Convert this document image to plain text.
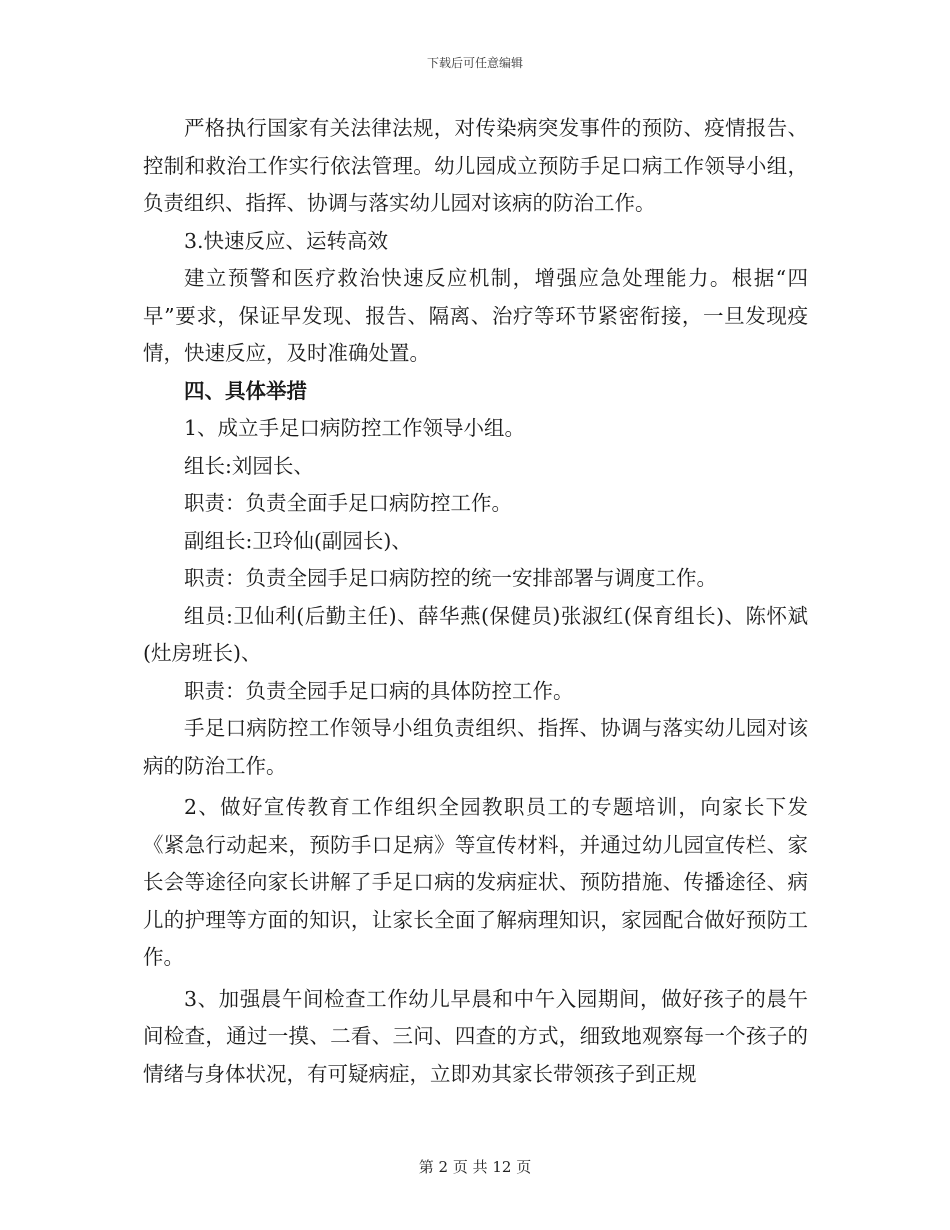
下载后可任意编辑

严格执行国家有关法律法规，对传染病突发事件的预防、疫情报告、控制和救治工作实行依法管理。幼儿园成立预防手足口病工作领导小组，负责组织、指挥、协调与落实幼儿园对该病的防治工作。

3.快速反应、运转高效

建立预警和医疗救治快速反应机制，增强应急处理能力。根据“四早”要求，保证早发现、报告、隔离、治疗等环节紧密衔接，一旦发现疫情，快速反应，及时准确处置。

四、具体举措

1、成立手足口病防控工作领导小组。

组长:刘园长、

职责：负责全面手足口病防控工作。

副组长:卫玲仙(副园长)、

职责：负责全园手足口病防控的统一安排部署与调度工作。

组员:卫仙利(后勤主任)、薛华燕(保健员)张淑红(保育组长)、陈怀斌(灶房班长)、

职责：负责全园手足口病的具体防控工作。

手足口病防控工作领导小组负责组织、指挥、协调与落实幼儿园对该病的防治工作。

2、做好宣传教育工作组织全园教职员工的专题培训，向家长下发《紧急行动起来，预防手口足病》等宣传材料，并通过幼儿园宣传栏、家长会等途径向家长讲解了手足口病的发病症状、预防措施、传播途径、病儿的护理等方面的知识，让家长全面了解病理知识，家园配合做好预防工作。

3、加强晨午间检查工作幼儿早晨和中午入园期间，做好孩子的晨午间检查，通过一摸、二看、三问、四查的方式，细致地观察每一个孩子的情绪与身体状况，有可疑病症，立即劝其家长带领孩子到正规

第 2 页 共 12 页
